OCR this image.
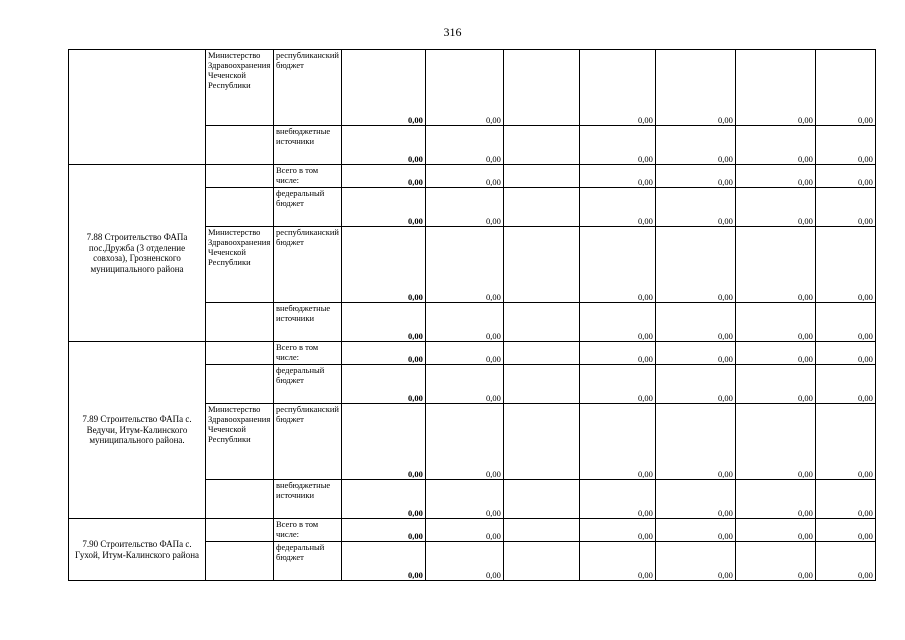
316
	Министерство Здравоохранения Чеченской Республики	республиканский бюджет	0,00	0,00		0,00	0,00	0,00	0,00
		внебюджетные источники	0,00	0,00		0,00	0,00	0,00	0,00
7.88 Строительство ФАПа пос.Дружба (3 отделение совхоза), Грозненского муниципального района		Всего в том числе:	0,00	0,00		0,00	0,00	0,00	0,00
		федеральный бюджет	0,00	0,00		0,00	0,00	0,00	0,00
	Министерство Здравоохранения Чеченской Республики	республиканский бюджет	0,00	0,00		0,00	0,00	0,00	0,00
		внебюджетные источники	0,00	0,00		0,00	0,00	0,00	0,00
7.89 Строительство ФАПа с. Ведучи, Итум-Калинского муниципального района.		Всего в том числе:	0,00	0,00		0,00	0,00	0,00	0,00
		федеральный бюджет	0,00	0,00		0,00	0,00	0,00	0,00
	Министерство Здравоохранения Чеченской Республики	республиканский бюджет	0,00	0,00		0,00	0,00	0,00	0,00
		внебюджетные источники	0,00	0,00		0,00	0,00	0,00	0,00
7.90 Строительство ФАПа с. Гухой, Итум-Калинского района		Всего в том числе:	0,00	0,00		0,00	0,00	0,00	0,00
		федеральный бюджет	0,00	0,00		0,00	0,00	0,00	0,00
